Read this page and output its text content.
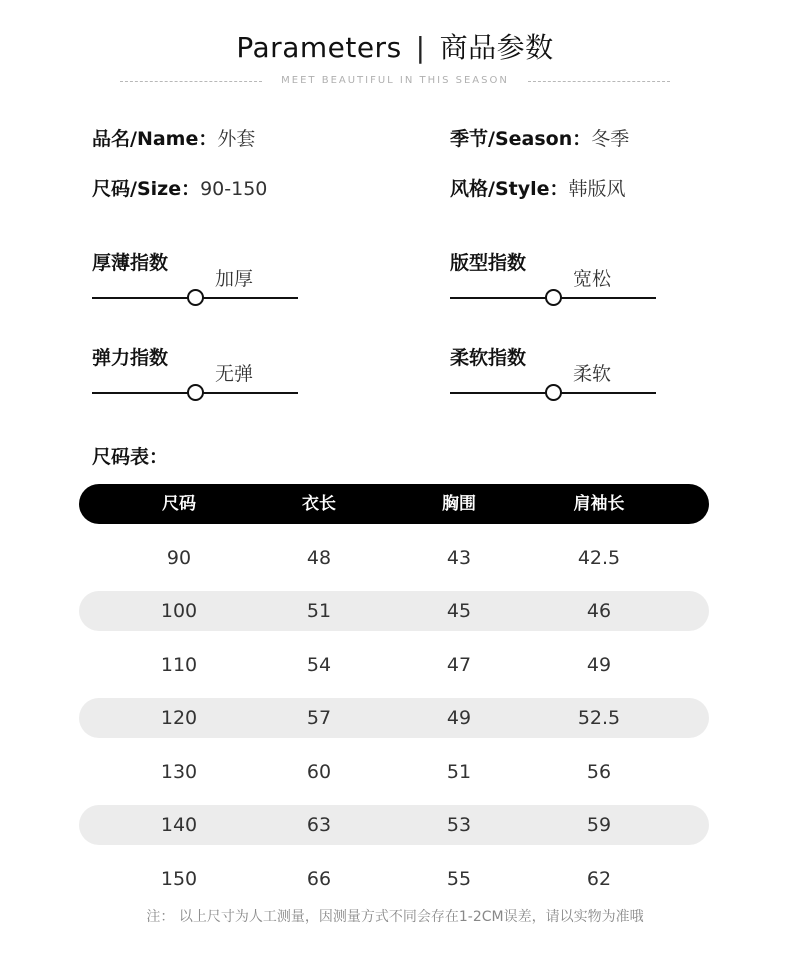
Parameters | 商品参数
MEET BEAUTIFUL IN THIS SEASON
品名/Name：外套	季节/Season：冬季
尺码/Size：90-150	风格/Style：韩版风
厚薄指数
加厚
版型指数
宽松
弹力指数
无弹
柔软指数
柔软
尺码表：
尺码	衣长	胸围	肩袖长
90	48	43	42.5
100	51	45	46
110	54	47	49
120	57	49	52.5
130	60	51	56
140	63	53	59
150	66	55	62
注： 以上尺寸为人工测量，因测量方式不同会存在1-2CM误差，请以实物为准哦
